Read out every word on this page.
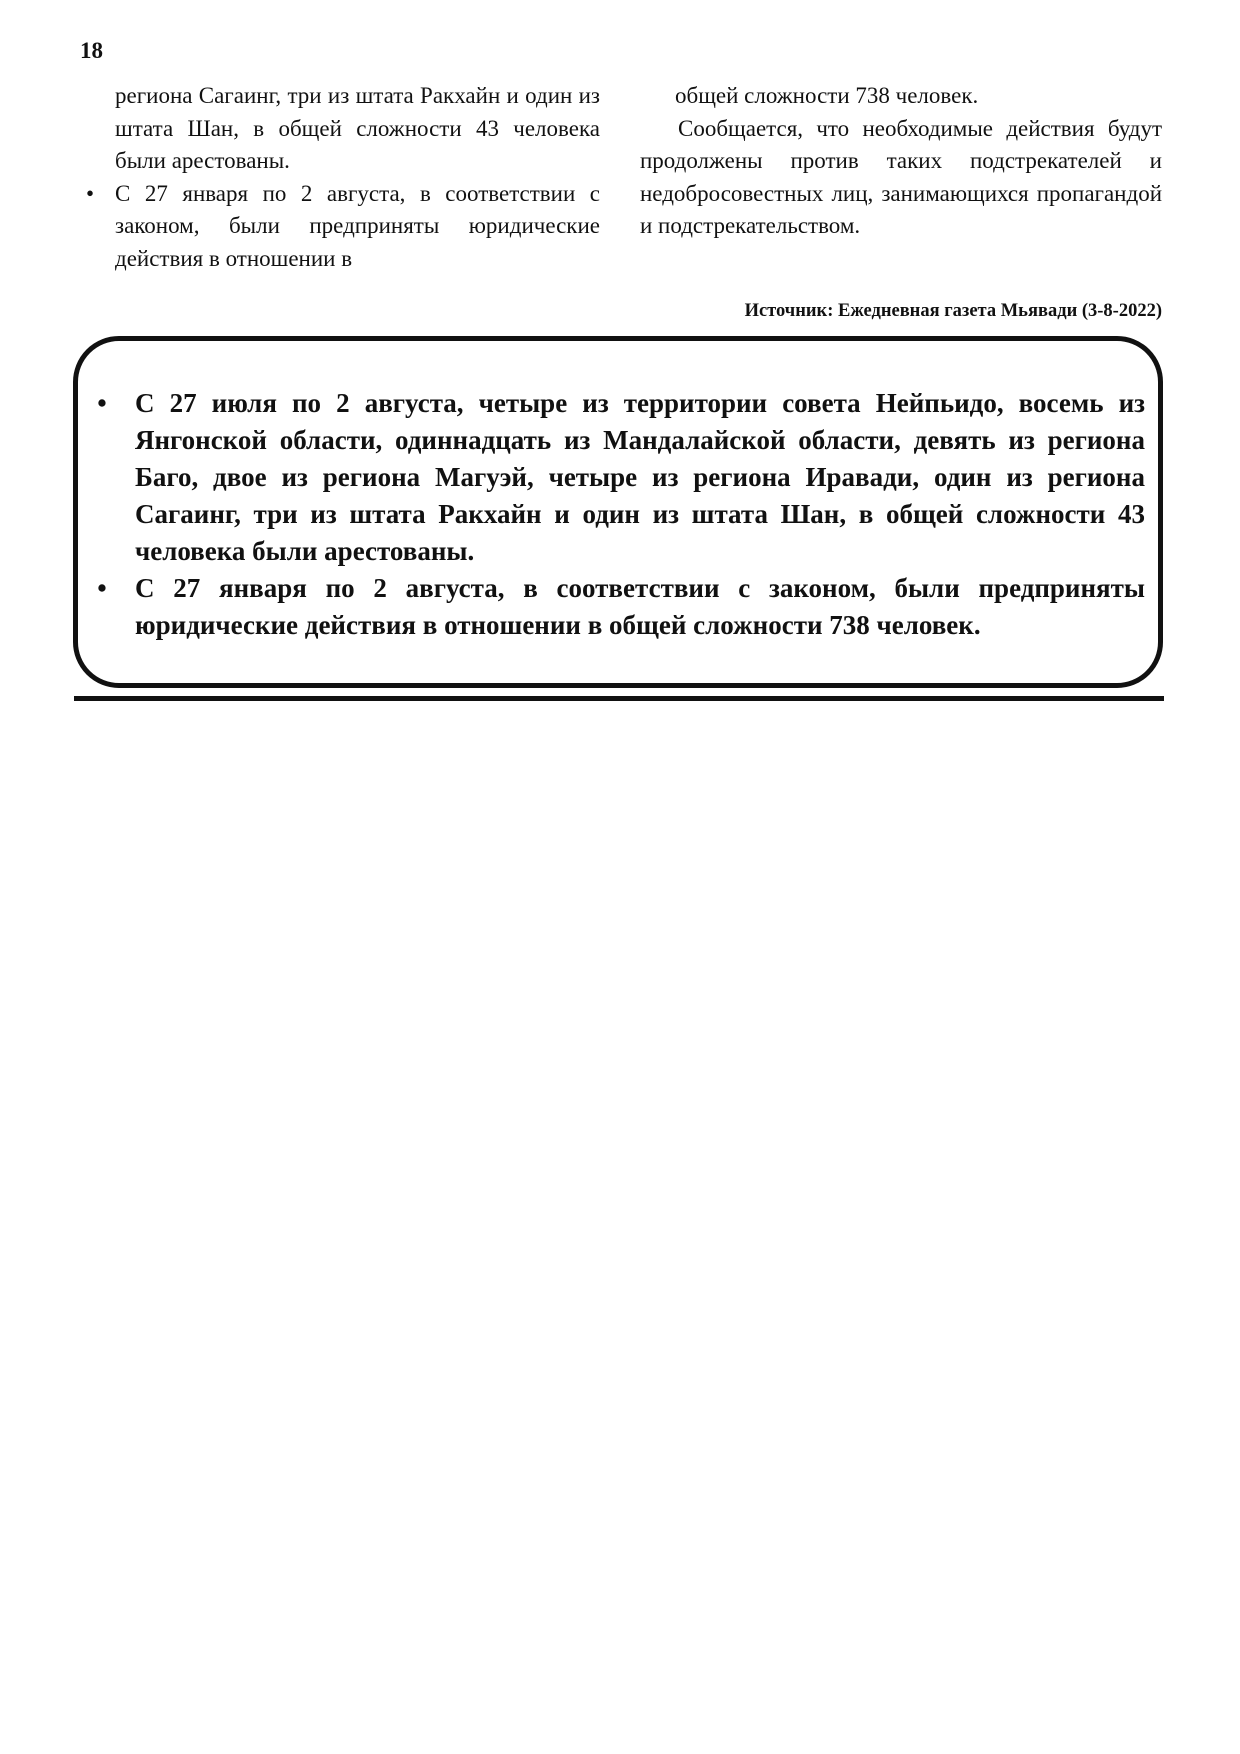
18

региона Сагаинг, три из штата Ракхайн и один из штата Шан, в общей сложности 43 человека были арестованы.

• С 27 января по 2 августа, в соответствии с законом, были предприняты юридические действия в отношении в

общей сложности 738 человек.

Сообщается, что необходимые действия будут продолжены против таких подстрекателей и недобросовестных лиц, занимающихся пропагандой и подстрекательством.

Источник: Ежедневная газета Мьявади (3-8-2022)
• С 27 июля по 2 августа, четыре из территории совета Нейпьидо, восемь из Янгонской области, одиннадцать из Мандалайской области, девять из региона Баго, двое из региона Магуэй, четыре из региона Иравади, один из региона Сагаинг, три из штата Ракхайн и один из штата Шан, в общей сложности 43 человека были арестованы.
• С 27 января по 2 августа, в соответствии с законом, были предприняты юридические действия в отношении в общей сложности 738 человек.
